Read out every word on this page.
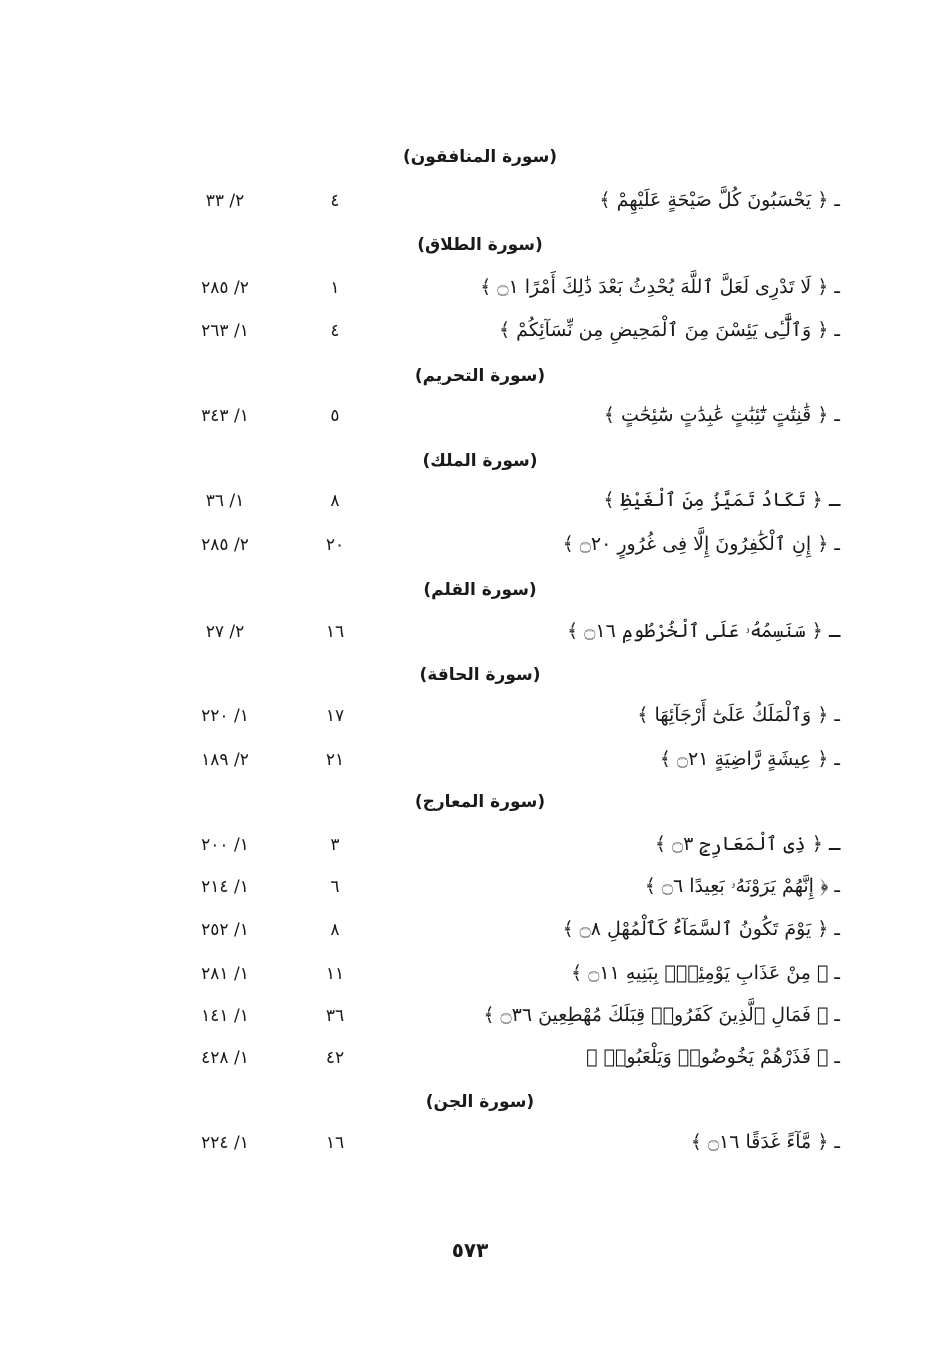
(سورة المنافقون)
ـ ﴿ يَحْسَبُونَ كُلَّ صَيْحَةٍ عَلَيْهِمْ ﴾
٤
٢/ ٣٣
(سورة الطلاق)
ـ ﴿ لَا تَدْرِى لَعَلَّ ٱللَّهَ يُحْدِثُ بَعْدَ ذَٰلِكَ أَمْرًا ۝١ ﴾
١
٢/ ٢٨٥
ـ ﴿ وَٱلَّٰٓـِٔى يَئِسْنَ مِنَ ٱلْمَحِيضِ مِن نِّسَآئِكُمْ ﴾
٤
١/ ٢٦٣
(سورة التحريم)
ـ ﴿ قَٰنِتَٰتٍ تَٰٓئِبَٰتٍ عَٰبِدَٰتٍ سَٰٓئِحَٰتٍ ﴾
٥
١/ ٣٤٣
(سورة الملك)
ـ ﴿ تَكَادُ تَمَيَّزُ مِنَ ٱلْغَيْظِ ﴾
٨
١/ ٣٦
ـ ﴿ إِنِ ٱلْكَٰفِرُونَ إِلَّا فِى غُرُورٍ ۝٢٠ ﴾
٢٠
٢/ ٢٨٥
(سورة القلم)
ـ ﴿ سَنَسِمُهُۥ عَلَى ٱلْخُرْطُومِ ۝١٦ ﴾
١٦
٢/ ٢٧
(سورة الحاقة)
ـ ﴿ وَٱلْمَلَكُ عَلَىٰٓ أَرْجَآئِهَا ﴾
١٧
١/ ٢٢٠
ـ ﴿ عِيشَةٍ رَّاضِيَةٍ ۝٢١ ﴾
٢١
٢/ ١٨٩
(سورة المعارج)
ـ ﴿ ذِى ٱلْمَعَارِجِ ۝٣ ﴾
٣
١/ ٢٠٠
ـ ﴿ إِنَّهُمْ يَرَوْنَهُۥ بَعِيدًا ۝٦ ﴾
٦
١/ ٢١٤
ـ ﴿ يَوْمَ تَكُونُ ٱلسَّمَآءُ كَٱلْمُهْلِ ۝٨ ﴾
٨
١/ ٢٥٢
ـ ﴿ مِنْ عَذَابِ يَوْمِئِذٍۭ بِبَنِيهِ ۝١١ ﴾
١١
١/ ٢٨١
ـ ﴿ فَمَالِ ٱلَّذِينَ كَفَرُوا۟ قِبَلَكَ مُهْطِعِينَ ۝٣٦ ﴾
٣٦
١/ ١٤١
ـ ﴿ فَذَرْهُمْ يَخُوضُوا۟ وَيَلْعَبُوا۟ ﴾
٤٢
١/ ٤٢٨
(سورة الجن)
ـ ﴿ مَّآءً غَدَقًا ۝١٦ ﴾
١٦
١/ ٢٢٤
٥٧٣
